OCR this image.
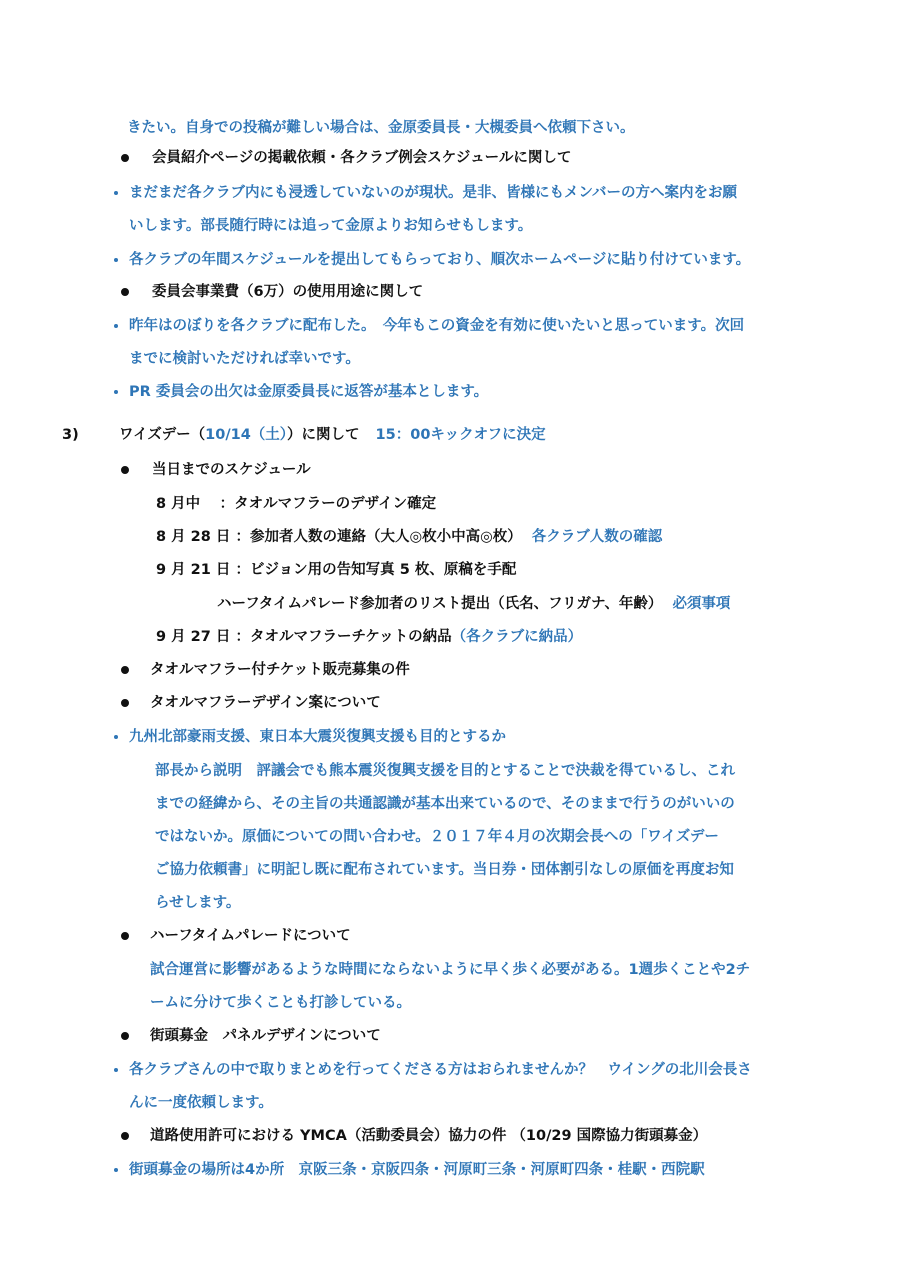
きたい。自身での投稿が難しい場合は、金原委員長・大槻委員へ依頼下さい。
会員紹介ページの掲載依頼・各クラブ例会スケジュールに関して
まだまだ各クラブ内にも浸透していないのが現状。是非、皆様にもメンバーの方へ案内をお願
いします。部長随行時には追って金原よりお知らせもします。
各クラブの年間スケジュールを提出してもらっており、順次ホームページに貼り付けています。
委員会事業費（6万）の使用用途に関して
昨年はのぼりを各クラブに配布した。　今年もこの資金を有効に使いたいと思っています。次回
までに検討いただければ幸いです。
PR 委員会の出欠は金原委員長に返答が基本とします。
3)	ワイズデー（10/14（土））に関して 15：00キックオフに決定
当日までのスケジュール
8 月中　 ：タオルマフラーのデザイン確定
8 月 28 日 ：参加者人数の連絡（大人◎枚小中高◎枚） 各クラブ人数の確認
9 月 21 日 ：ビジョン用の告知写真 5 枚、原稿を手配
ハーフタイムパレード参加者のリスト提出（氏名、フリガナ、年齢） 必須事項
9 月 27 日 ：タオルマフラーチケットの納品（各クラブに納品）
タオルマフラー付チケット販売募集の件
タオルマフラーデザイン案について
九州北部豪雨支援、東日本大震災復興支援も目的とするか
部長から説明　評議会でも熊本震災復興支援を目的とすることで決裁を得ているし、これ
までの経緯から、その主旨の共通認識が基本出来ているので、そのままで行うのがいいの
ではないか。原価についての問い合わせ。２０１７年４月の次期会長への「ワイズデー
ご協力依頼書」に明記し既に配布されています。当日券・団体割引なしの原価を再度お知
らせします。
ハーフタイムパレードについて
試合運営に影響があるような時間にならないように早く歩く必要がある。1週歩くことや2チ
ームに分けて歩くことも打診している。
街頭募金　パネルデザインについて
各クラブさんの中で取りまとめを行ってくださる方はおられませんか？　ウイングの北川会長さ
んに一度依頼します。
道路使用許可における YMCA（活動委員会）協力の件 （10/29 国際協力街頭募金）
街頭募金の場所は4か所　京阪三条・京阪四条・河原町三条・河原町四条・桂駅・西院駅
